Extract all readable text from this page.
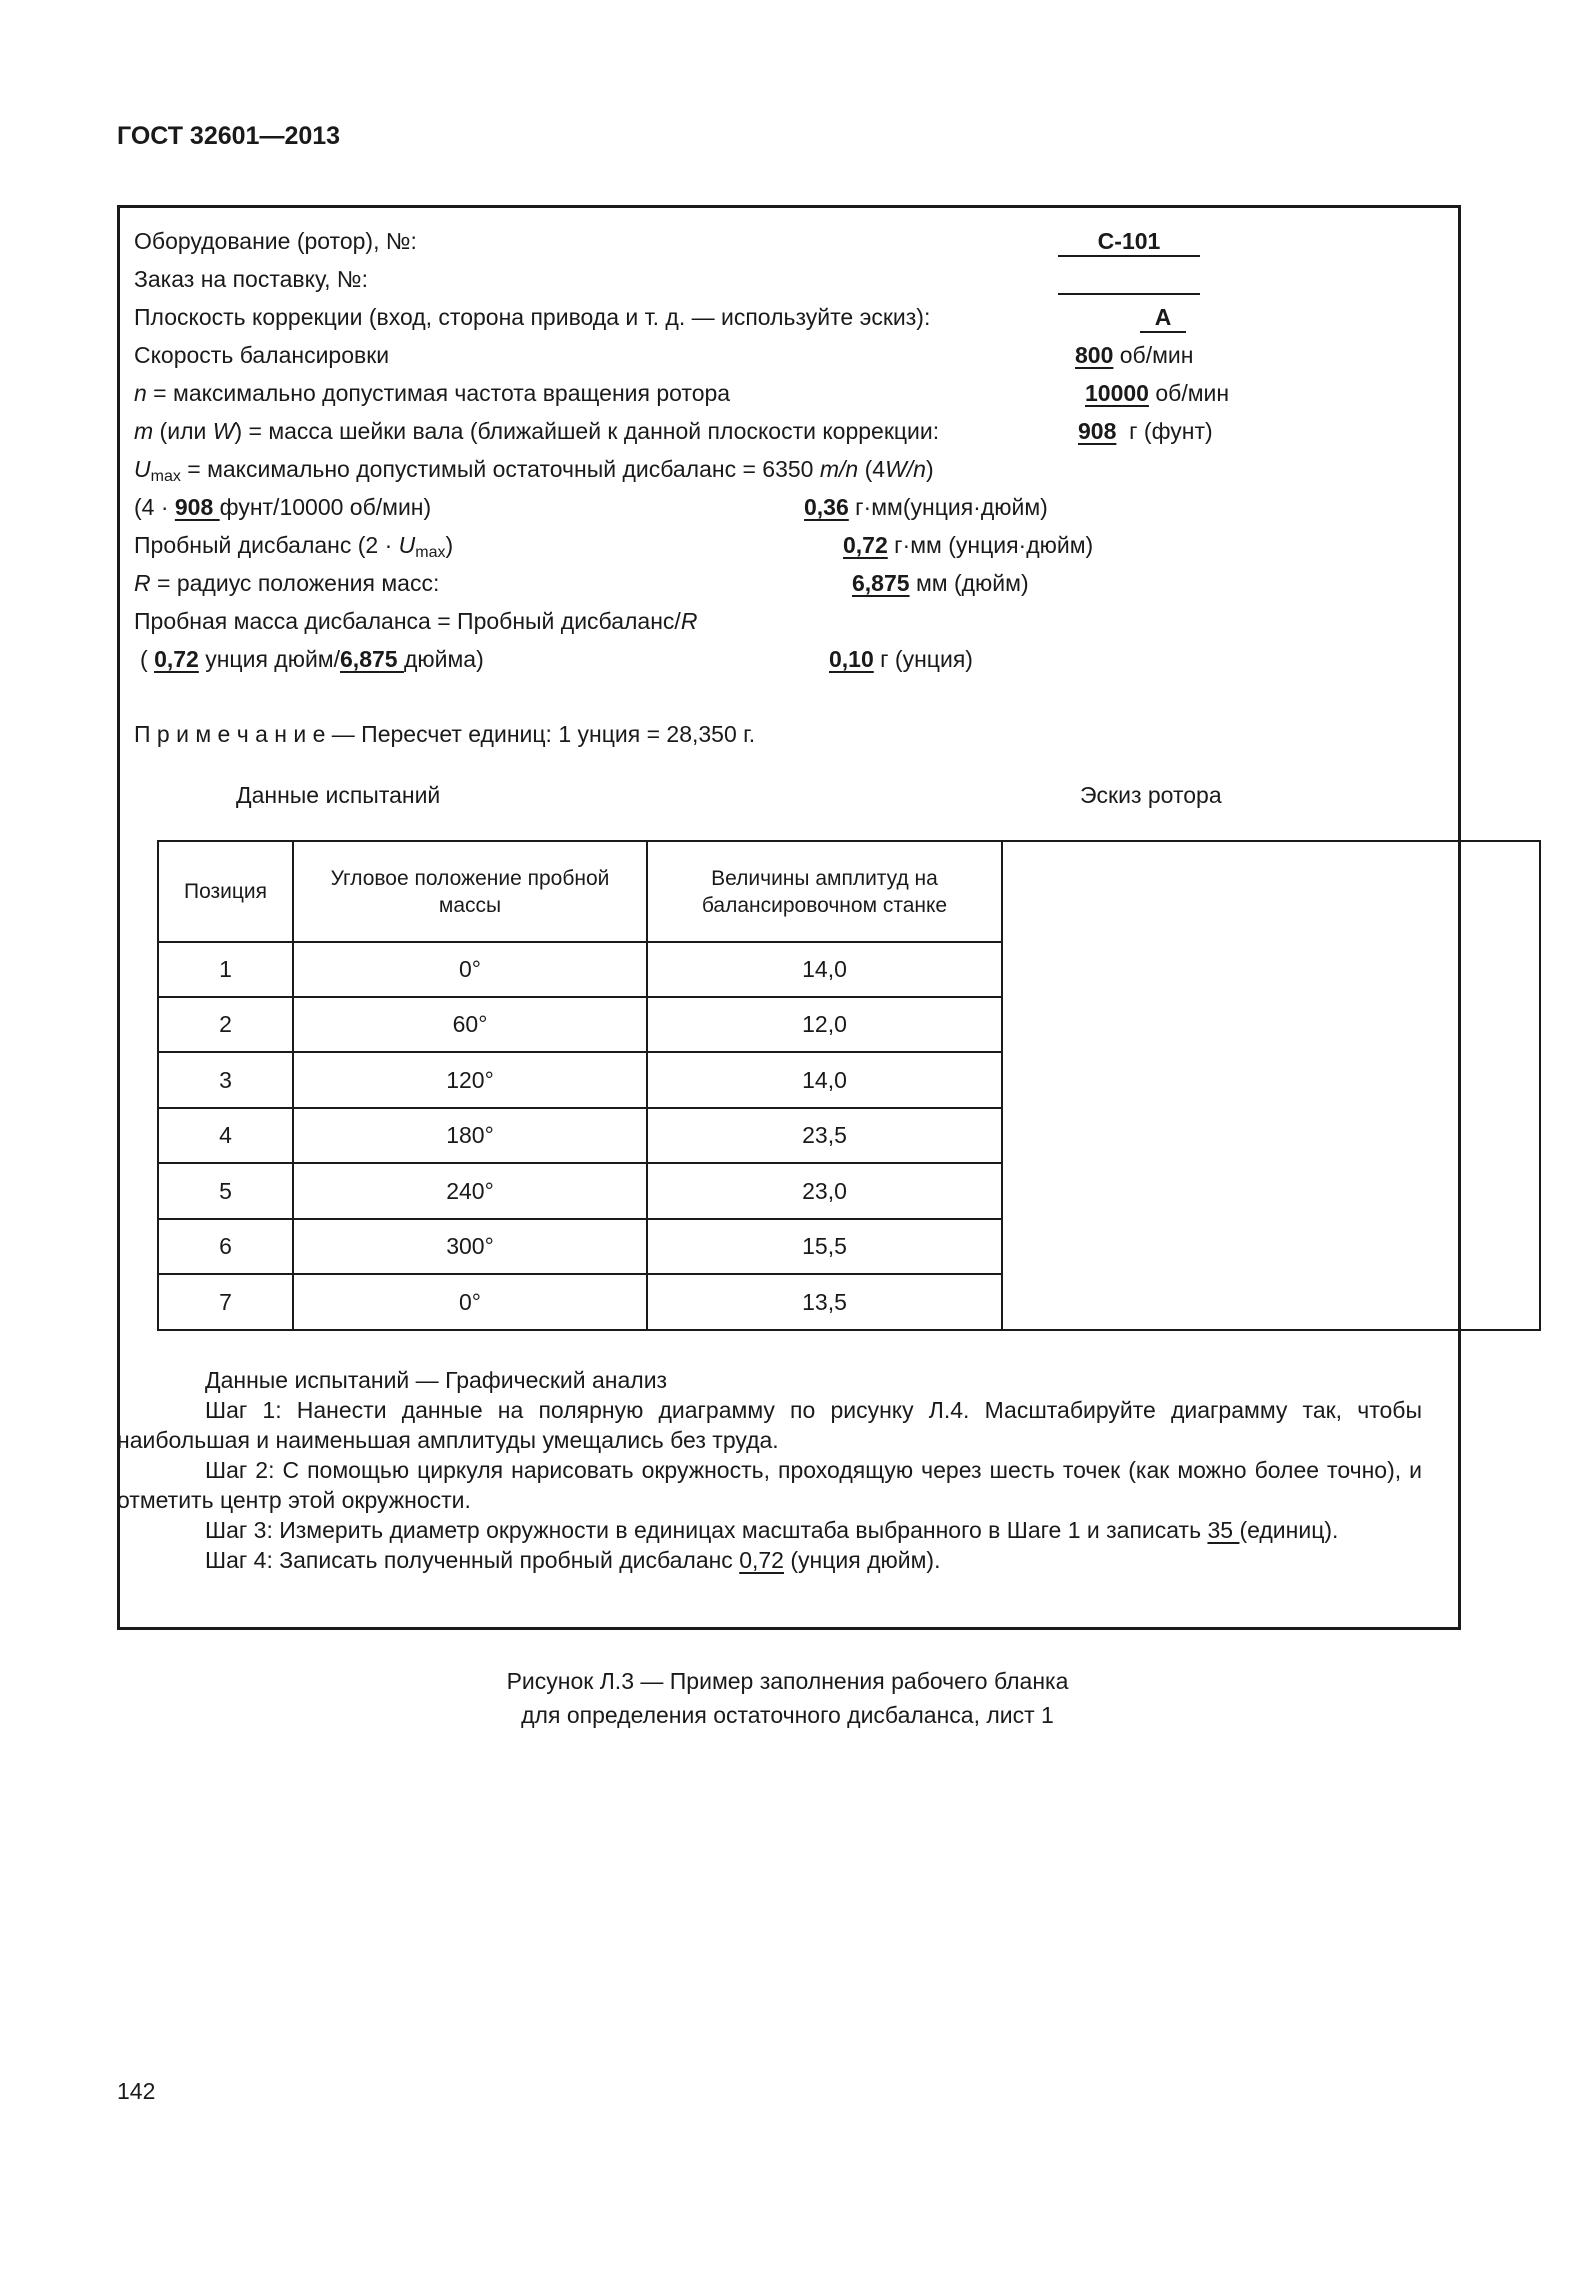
ГОСТ 32601—2013
Оборудование (ротор), №:	C-101
Заказ на поставку, №:
Плоскость коррекции (вход, сторона привода и т. д. — используйте эскиз):	A
Скорость балансировки	800 об/мин
n = максимально допустимая частота вращения ротора	10000 об/мин
m (или W) = масса шейки вала (ближайшей к данной плоскости коррекции:	908 г (фунт)
$U_{max}$ = максимально допустимый остаточный дисбаланс = 6350 m/n (4W/n)
(4 · 908 фунт/10000 об/мин)	0,36 г·мм(унция·дюйм)
Пробный дисбаланс $(2 \cdot U_{max})$	0,72 г·мм (унция·дюйм)
R = радиус положения масс:	6,875 мм (дюйм)
Пробная масса дисбаланса = Пробный дисбаланс/R
( 0,72 унция дюйм/6,875 дюйма)	0,10 г (унция)
П р и м е ч а н и е — Пересчет единиц: 1 унция = 28,350 г.
Данные испытаний	Эскиз ротора
Позиция	Угловое положение пробной массы	Величины амплитуд на балансировочном станке	
1	0°	14,0	
2	60°	12,0	
3	120°	14,0	
4	180°	23,5	
5	240°	23,0	
6	300°	15,5	
7	0°	13,5	

Данные испытаний — Графический анализ

Шаг 1: Нанести данные на полярную диаграмму по рисунку Л.4. Масштабируйте диаграмму так, чтобы наибольшая и наименьшая амплитуды умещались без труда.

Шаг 2: С помощью циркуля нарисовать окружность, проходящую через шесть точек (как можно более точно), и отметить центр этой окружности.

Шаг 3: Измерить диаметр окружности в единицах масштаба выбранного в Шаге 1 и записать 35 (единиц).

Шаг 4: Записать полученный пробный дисбаланс 0,72 (унция дюйм).

Рисунок Л.3 — Пример заполнения рабочего бланка
для определения остаточного дисбаланса, лист 1
142
